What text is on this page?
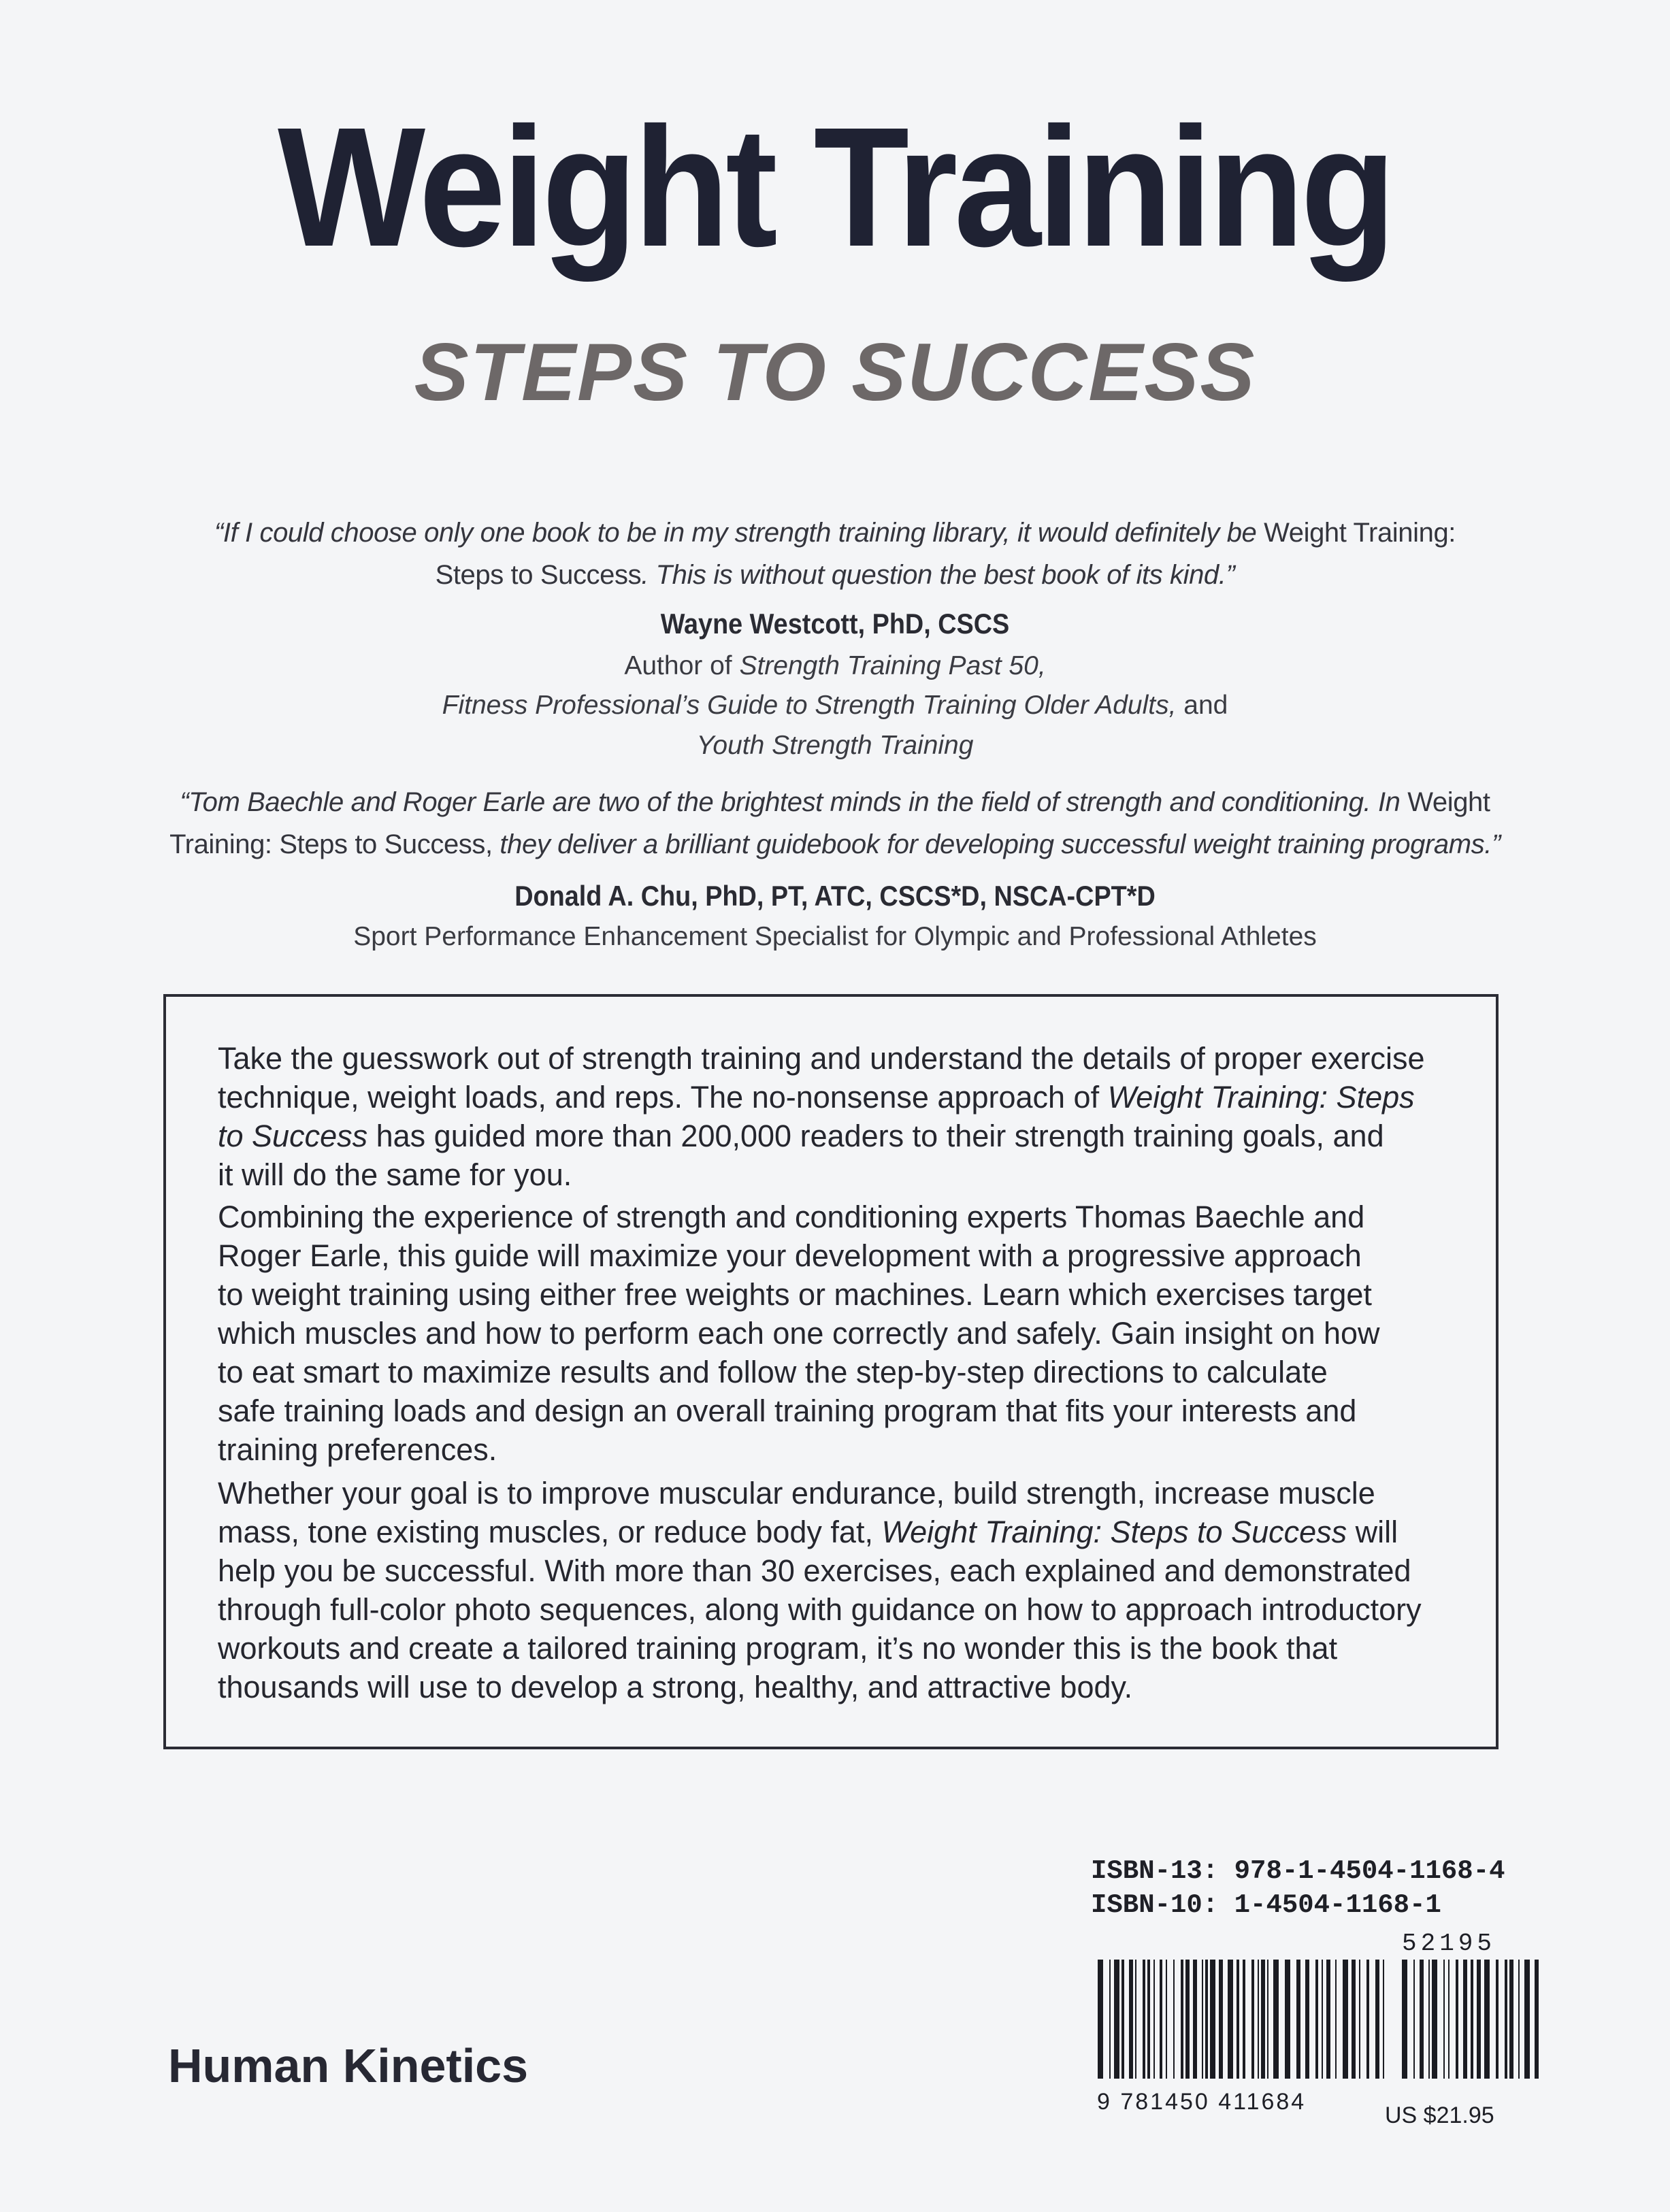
Weight Training
STEPS TO SUCCESS
“If I could choose only one book to be in my strength training library, it would definitely be Weight Training:
Steps to Success. This is without question the best book of its kind.”
Wayne Westcott, PhD, CSCS
Author of Strength Training Past 50,
Fitness Professional’s Guide to Strength Training Older Adults, and
Youth Strength Training
“Tom Baechle and Roger Earle are two of the brightest minds in the field of strength and conditioning. In Weight
Training: Steps to Success, they deliver a brilliant guidebook for developing successful weight training programs.”
Donald A. Chu, PhD, PT, ATC, CSCS*D, NSCA-CPT*D
Sport Performance Enhancement Specialist for Olympic and Professional Athletes
Take the guesswork out of strength training and understand the details of proper exercise
technique, weight loads, and reps. The no-nonsense approach of Weight Training: Steps
to Success has guided more than 200,000 readers to their strength training goals, and
it will do the same for you.
Combining the experience of strength and conditioning experts Thomas Baechle and
Roger Earle, this guide will maximize your development with a progressive approach
to weight training using either free weights or machines. Learn which exercises target
which muscles and how to perform each one correctly and safely. Gain insight on how
to eat smart to maximize results and follow the step-by-step directions to calculate
safe training loads and design an overall training program that fits your interests and
training preferences.
Whether your goal is to improve muscular endurance, build strength, increase muscle
mass, tone existing muscles, or reduce body fat, Weight Training: Steps to Success will
help you be successful. With more than 30 exercises, each explained and demonstrated
through full-color photo sequences, along with guidance on how to approach introductory
workouts and create a tailored training program, it’s no wonder this is the book that
thousands will use to develop a strong, healthy, and attractive body.
ISBN-13: 978-1-4504-1168-4
ISBN-10: 1-4504-1168-1
52195
9 781450 411684
US $21.95
Human Kinetics
